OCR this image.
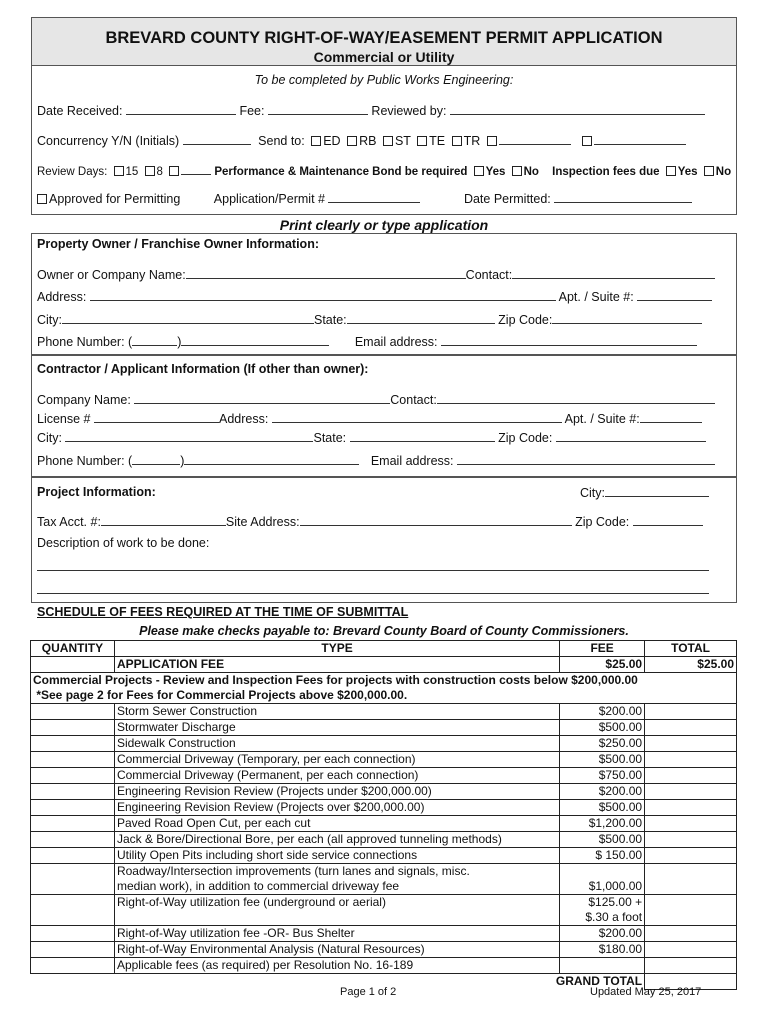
BREVARD COUNTY RIGHT-OF-WAY/EASEMENT PERMIT APPLICATION
Commercial or Utility
To be completed by Public Works Engineering:
Date Received:	Fee:	Reviewed by:
Concurrency Y/N (Initials)	Send to: ED RB ST TE TR
Review Days: 15 8	Performance & Maintenance Bond be required Yes No Inspection fees due Yes No
Approved for Permitting	Application/Permit #	Date Permitted:
Print clearly or type application
Property Owner / Franchise Owner Information:
Owner or Company Name:	Contact:
Address:	Apt. / Suite #:
City:	State:	Zip Code:
Phone Number: (	)	Email address:
Contractor / Applicant Information (If other than owner):
Company Name:	Contact:
License #	Address:	Apt. / Suite #:
City:	State:	Zip Code:
Phone Number: (	)	Email address:
Project Information:	City:
Tax Acct. #:	Site Address:	Zip Code:
Description of work to be done:
SCHEDULE OF FEES REQUIRED AT THE TIME OF SUBMITTAL
Please make checks payable to: Brevard County Board of County Commissioners.
QUANTITY	TYPE	FEE	TOTAL
	APPLICATION FEE	$25.00	$25.00

Commercial Projects - Review and Inspection Fees for projects with construction costs below $200,000.00
*See page 2 for Fees for Commercial Projects above $200,000.00.			

	Storm Sewer Construction	$200.00	
	Stormwater Discharge	$500.00	
	Sidewalk Construction	$250.00	
	Commercial Driveway (Temporary, per each connection)	$500.00	
	Commercial Driveway (Permanent, per each connection)	$750.00	
	Engineering Revision Review (Projects under $200,000.00)	$200.00	
	Engineering Revision Review (Projects over $200,000.00)	$500.00	
	Paved Road Open Cut, per each cut	$1,200.00	
	Jack & Bore/Directional Bore, per each (all approved tunneling methods)	$500.00	
	Utility Open Pits including short side service connections	$ 150.00	

	Roadway/Intersection improvements (turn lanes and signals, misc.
median work), in addition to commercial driveway fee	$1,000.00	
	Right-of-Way utilization fee (underground or aerial)	$125.00 +
$.30 a foot	

	Right-of-Way utilization fee -OR- Bus Shelter	$200.00	
	Right-of-Way Environmental Analysis (Natural Resources)	$180.00	
	Applicable fees (as required) per Resolution No. 16-189		
	GRAND TOTAL		
Page 1 of 2	Updated May 25, 2017
